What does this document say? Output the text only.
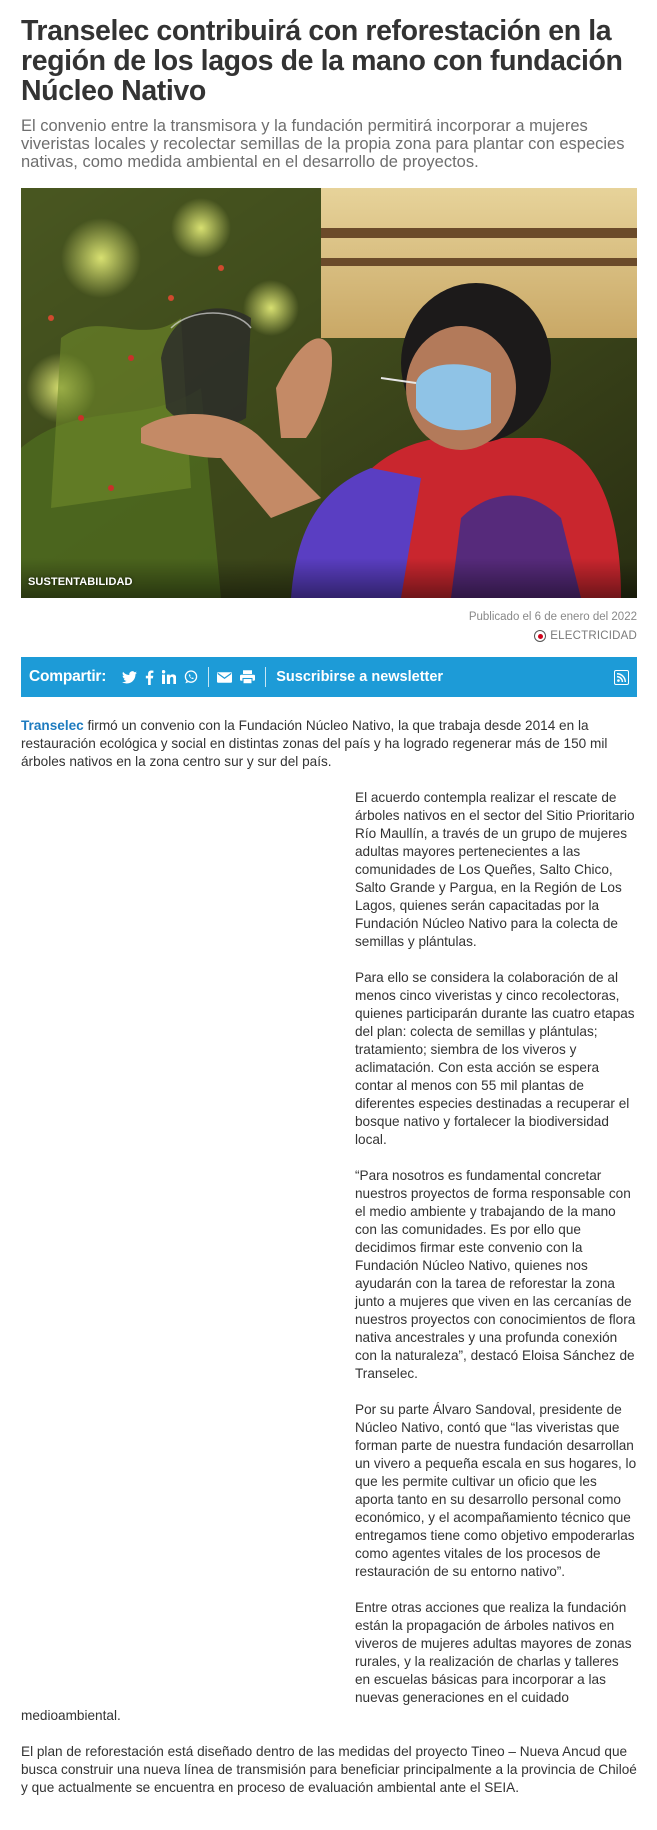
Transelec contribuirá con reforestación en la región de los lagos de la mano con fundación Núcleo Nativo

El convenio entre la transmisora y la fundación permitirá incorporar a mujeres viveristas locales y recolectar semillas de la propia zona para plantar con especies nativas, como medida ambiental en el desarrollo de proyectos.

SUSTENTABILIDAD
Publicado el 6 de enero del 2022
ELECTRICIDAD
Compartir:	Suscribirse a newsletter

Transelec firmó un convenio con la Fundación Núcleo Nativo, la que trabaja desde 2014 en la restauración ecológica y social en distintas zonas del país y ha logrado regenerar más de 150 mil árboles nativos en la zona centro sur y sur del país.

El acuerdo contempla realizar el rescate de árboles nativos en el sector del Sitio Prioritario Río Maullín, a través de un grupo de mujeres adultas mayores pertenecientes a las comunidades de Los Queñes, Salto Chico, Salto Grande y Pargua, en la Región de Los Lagos, quienes serán capacitadas por la Fundación Núcleo Nativo para la colecta de semillas y plántulas.

Para ello se considera la colaboración de al menos cinco viveristas y cinco recolectoras, quienes participarán durante las cuatro etapas del plan: colecta de semillas y plántulas; tratamiento; siembra de los viveros y aclimatación. Con esta acción se espera contar al menos con 55 mil plantas de diferentes especies destinadas a recuperar el bosque nativo y fortalecer la biodiversidad local.

“Para nosotros es fundamental concretar nuestros proyectos de forma responsable con el medio ambiente y trabajando de la mano con las comunidades. Es por ello que decidimos firmar este convenio con la Fundación Núcleo Nativo, quienes nos ayudarán con la tarea de reforestar la zona junto a mujeres que viven en las cercanías de nuestros proyectos con conocimientos de flora nativa ancestrales y una profunda conexión con la naturaleza”, destacó Eloisa Sánchez de Transelec.

Por su parte Álvaro Sandoval, presidente de Núcleo Nativo, contó que “las viveristas que forman parte de nuestra fundación desarrollan un vivero a pequeña escala en sus hogares, lo que les permite cultivar un oficio que les aporta tanto en su desarrollo personal como económico, y el acompañamiento técnico que entregamos tiene como objetivo empoderarlas como agentes vitales de los procesos de restauración de su entorno nativo”.

Entre otras acciones que realiza la fundación están la propagación de árboles nativos en viveros de mujeres adultas mayores de zonas rurales, y la realización de charlas y talleres en escuelas básicas para incorporar a las nuevas generaciones en el cuidado medioambiental.

El plan de reforestación está diseñado dentro de las medidas del proyecto Tineo – Nueva Ancud que busca construir una nueva línea de transmisión para beneficiar principalmente a la provincia de Chiloé y que actualmente se encuentra en proceso de evaluación ambiental ante el SEIA.
